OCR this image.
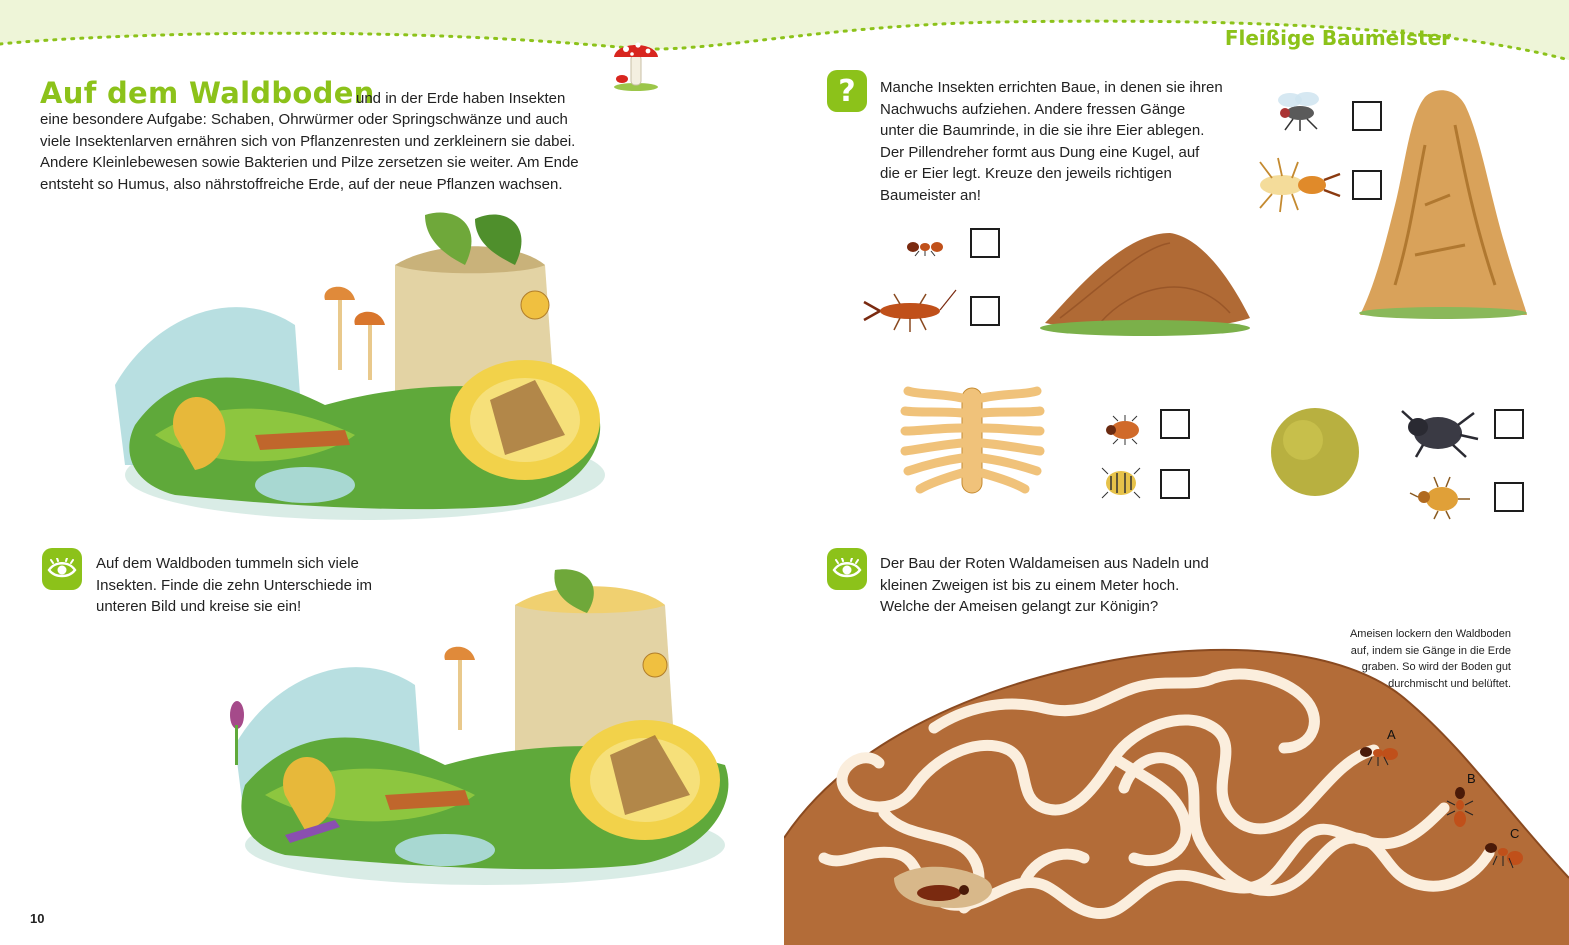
Fleißige Baumeister
Auf dem Waldboden
und in der Erde haben Insekten
eine besondere Aufgabe: Schaben, Ohrwürmer oder Springschwänze und auch
viele Insektenlarven ernähren sich von Pflanzenresten und zerkleinern sie dabei.
Andere Kleinlebewesen sowie Bakterien und Pilze zersetzen sie weiter. Am Ende
entsteht so Humus, also nährstoffreiche Erde, auf der neue Pflanzen wachsen.
Auf dem Waldboden tummeln sich viele
Insekten. Finde die zehn Unterschiede im
unteren Bild und kreise sie ein!
10
?	Manche Insekten errichten Baue, in denen sie ihren
Nachwuchs aufziehen. Andere fressen Gänge
unter die Baumrinde, in die sie ihre Eier ablegen.
Der Pillendreher formt aus Dung eine Kugel, auf
die er Eier legt. Kreuze den jeweils richtigen
Baumeister an!
Der Bau der Roten Waldameisen aus Nadeln und
kleinen Zweigen ist bis zu einem Meter hoch.
Welche der Ameisen gelangt zur Königin?
Ameisen lockern den Waldboden
auf, indem sie Gänge in die Erde
graben. So wird der Boden gut
durchmischt und belüftet.
A
B
C
